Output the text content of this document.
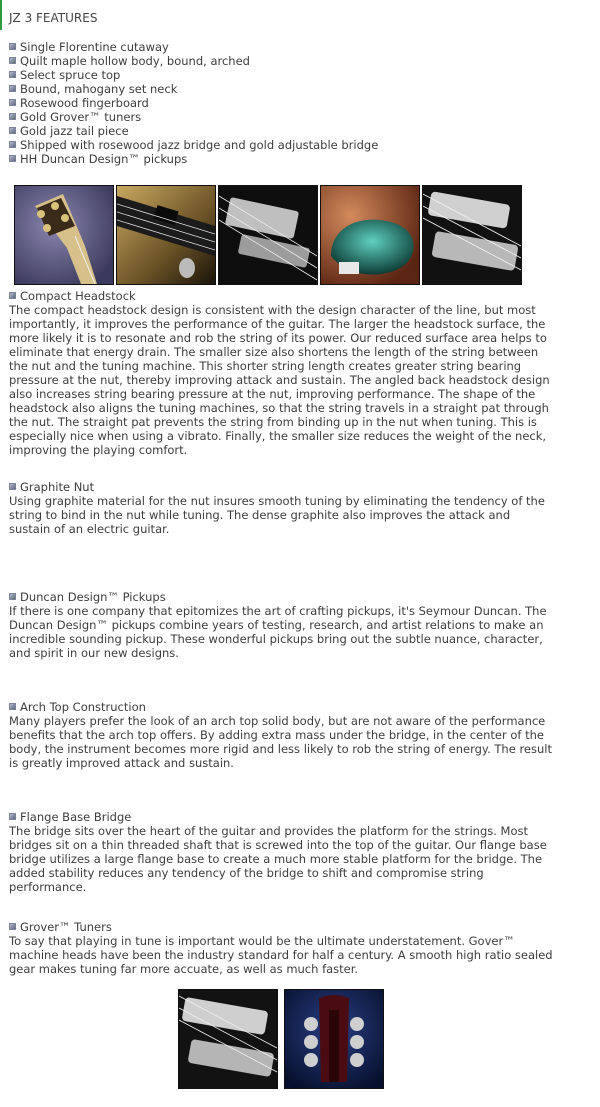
JZ 3 FEATURES
Single Florentine cutaway
Quilt maple hollow body, bound, arched
Select spruce top
Bound, mahogany set neck
Rosewood fingerboard
Gold Grover™ tuners
Gold jazz tail piece
Shipped with rosewood jazz bridge and gold adjustable bridge
HH Duncan Design™ pickups
Compact Headstock
The compact headstock design is consistent with the design character of the line, but most importantly, it improves the performance of the guitar. The larger the headstock surface, the more likely it is to resonate and rob the string of its power. Our reduced surface area helps to eliminate that energy drain. The smaller size also shortens the length of the string between the nut and the tuning machine. This shorter string length creates greater string bearing pressure at the nut, thereby improving attack and sustain. The angled back headstock design also increases string bearing pressure at the nut, improving performance. The shape of the headstock also aligns the tuning machines, so that the string travels in a straight pat through the nut. The straight pat prevents the string from binding up in the nut when tuning. This is especially nice when using a vibrato. Finally, the smaller size reduces the weight of the neck, improving the playing comfort.
Graphite Nut
Using graphite material for the nut insures smooth tuning by eliminating the tendency of the string to bind in the nut while tuning. The dense graphite also improves the attack and sustain of an electric guitar.
Duncan Design™ Pickups
If there is one company that epitomizes the art of crafting pickups, it's Seymour Duncan. The Duncan Design™ pickups combine years of testing, research, and artist relations to make an incredible sounding pickup. These wonderful pickups bring out the subtle nuance, character, and spirit in our new designs.
Arch Top Construction
Many players prefer the look of an arch top solid body, but are not aware of the performance benefits that the arch top offers. By adding extra mass under the bridge, in the center of the body, the instrument becomes more rigid and less likely to rob the string of energy. The result is greatly improved attack and sustain.
Flange Base Bridge
The bridge sits over the heart of the guitar and provides the platform for the strings. Most bridges sit on a thin threaded shaft that is screwed into the top of the guitar. Our flange base bridge utilizes a large flange base to create a much more stable platform for the bridge. The added stability reduces any tendency of the bridge to shift and compromise string performance.
Grover™ Tuners
To say that playing in tune is important would be the ultimate understatement. Gover™ machine heads have been the industry standard for half a century. A smooth high ratio sealed gear makes tuning far more accuate, as well as much faster.
